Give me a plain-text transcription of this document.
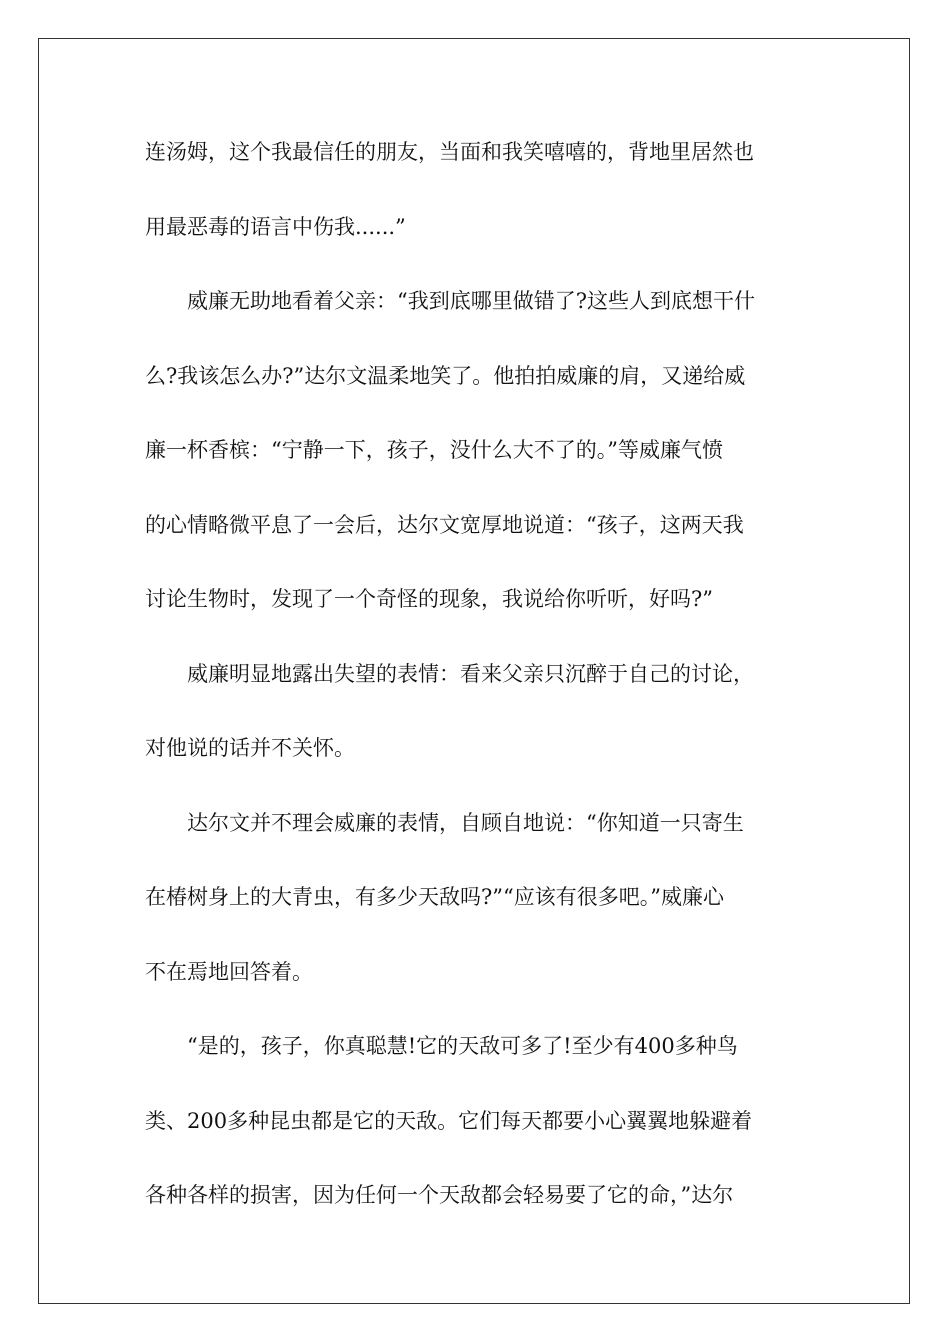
连汤姆，这个我最信任的朋友，当面和我笑嘻嘻的，背地里居然也
用最恶毒的语言中伤我......”
威廉无助地看着父亲：“我到底哪里做错了?这些人到底想干什
么?我该怎么办?”达尔文温柔地笑了。他拍拍威廉的肩，又递给威
廉一杯香槟：“宁静一下，孩子，没什么大不了的。”等威廉气愤
的心情略微平息了一会后，达尔文宽厚地说道：“孩子，这两天我
讨论生物时，发现了一个奇怪的现象，我说给你听听，好吗?”
威廉明显地露出失望的表情：看来父亲只沉醉于自己的讨论，
对他说的话并不关怀。
达尔文并不理会威廉的表情，自顾自地说：“你知道一只寄生
在椿树身上的大青虫，有多少天敌吗?”“应该有很多吧。”威廉心
不在焉地回答着。
“是的，孩子，你真聪慧!它的天敌可多了!至少有400多种鸟
类、200多种昆虫都是它的天敌。它们每天都要小心翼翼地躲避着
各种各样的损害，因为任何一个天敌都会轻易要了它的命，”达尔
